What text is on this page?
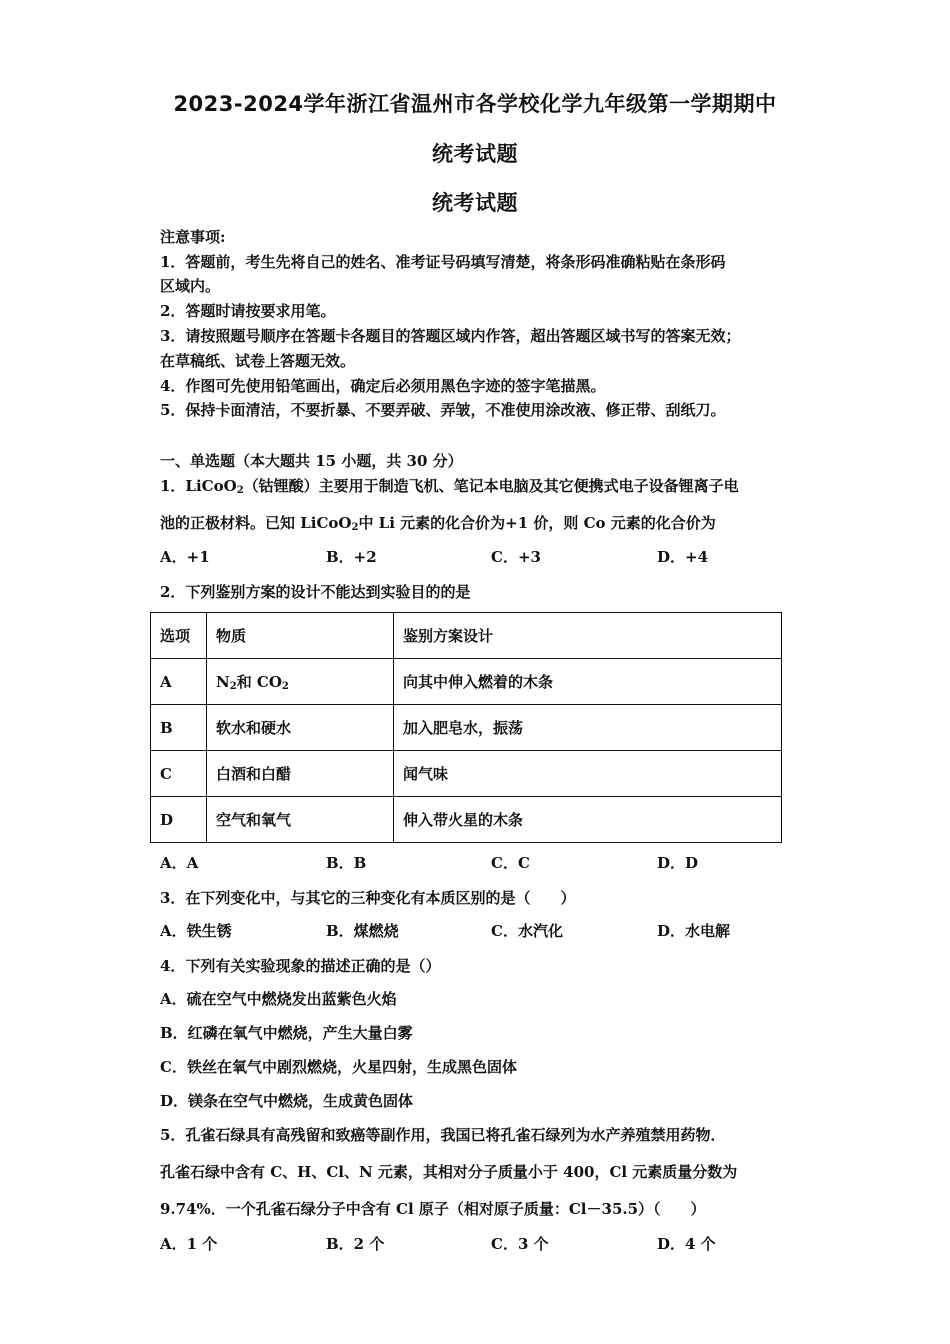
2023-2024学年浙江省温州市各学校化学九年级第一学期期中
统考试题
统考试题
注意事项:
1．答题前，考生先将自己的姓名、准考证号码填写清楚，将条形码准确粘贴在条形码
区域内。
2．答题时请按要求用笔。
3．请按照题号顺序在答题卡各题目的答题区域内作答，超出答题区域书写的答案无效；
在草稿纸、试卷上答题无效。
4．作图可先使用铅笔画出，确定后必须用黑色字迹的签字笔描黑。
5．保持卡面清洁，不要折暴、不要弄破、弄皱，不准使用涂改液、修正带、刮纸刀。
一、单选题（本大题共 15 小题，共 30 分）
1．LiCoO$_2$（钴锂酸）主要用于制造飞机、笔记本电脑及其它便携式电子设备锂离子电
池的正极材料。已知 LiCoO$_2$中 Li 元素的化合价为+1 价，则 Co 元素的化合价为
A．+1	B．+2	C．+3	D．+4
2．下列鉴别方案的设计不能达到实验目的的是
选项	物质	鉴别方案设计
A	$N_2$和 $CO_2$	向其中伸入燃着的木条
B	软水和硬水	加入肥皂水，振荡
C	白酒和白醋	闻气味
D	空气和氧气	伸入带火星的木条
A．A	B．B	C．C	D．D
3．在下列变化中，与其它的三种变化有本质区别的是（　　）
A．铁生锈	B．煤燃烧	C．水汽化	D．水电解
4．下列有关实验现象的描述正确的是（）
A．硫在空气中燃烧发出蓝紫色火焰
B．红磷在氧气中燃烧，产生大量白雾
C．铁丝在氧气中剧烈燃烧，火星四射，生成黑色固体
D．镁条在空气中燃烧，生成黄色固体
5．孔雀石绿具有高残留和致癌等副作用，我国已将孔雀石绿列为水产养殖禁用药物．
孔雀石绿中含有 C、H、Cl、N 元素，其相对分子质量小于 400，Cl 元素质量分数为
9.74%．一个孔雀石绿分子中含有 Cl 原子（相对原子质量：Cl－35.5）（　　）
A．1 个	B．2 个	C．3 个	D．4 个
